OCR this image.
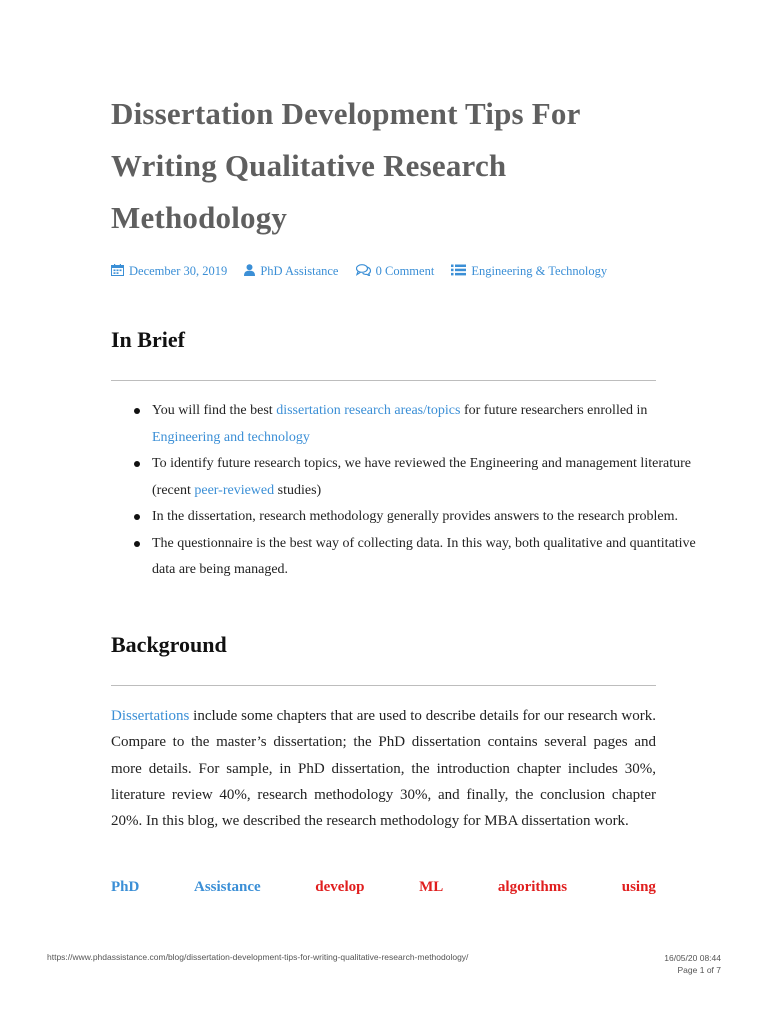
Dissertation Development Tips For Writing Qualitative Research Methodology
December 30, 2019	PhD Assistance	0 Comment	Engineering & Technology
In Brief
You will find the best dissertation research areas/topics for future researchers enrolled in Engineering and technology
To identify future research topics, we have reviewed the Engineering and management literature (recent peer-reviewed studies)
In the dissertation, research methodology generally provides answers to the research problem.
The questionnaire is the best way of collecting data. In this way, both qualitative and quantitative data are being managed.
Background

Dissertations include some chapters that are used to describe details for our research work. Compare to the master’s dissertation; the PhD dissertation contains several pages and more details. For sample, in PhD dissertation, the introduction chapter includes 30%, literature review 40%, research methodology 30%, and finally, the conclusion chapter 20%. In this blog, we described the research methodology for MBA dissertation work.

PhD	Assistance	develop	ML	algorithms	using
https://www.phdassistance.com/blog/dissertation-development-tips-for-writing-qualitative-research-methodology/	16/05/20 08:44
Page 1 of 7
